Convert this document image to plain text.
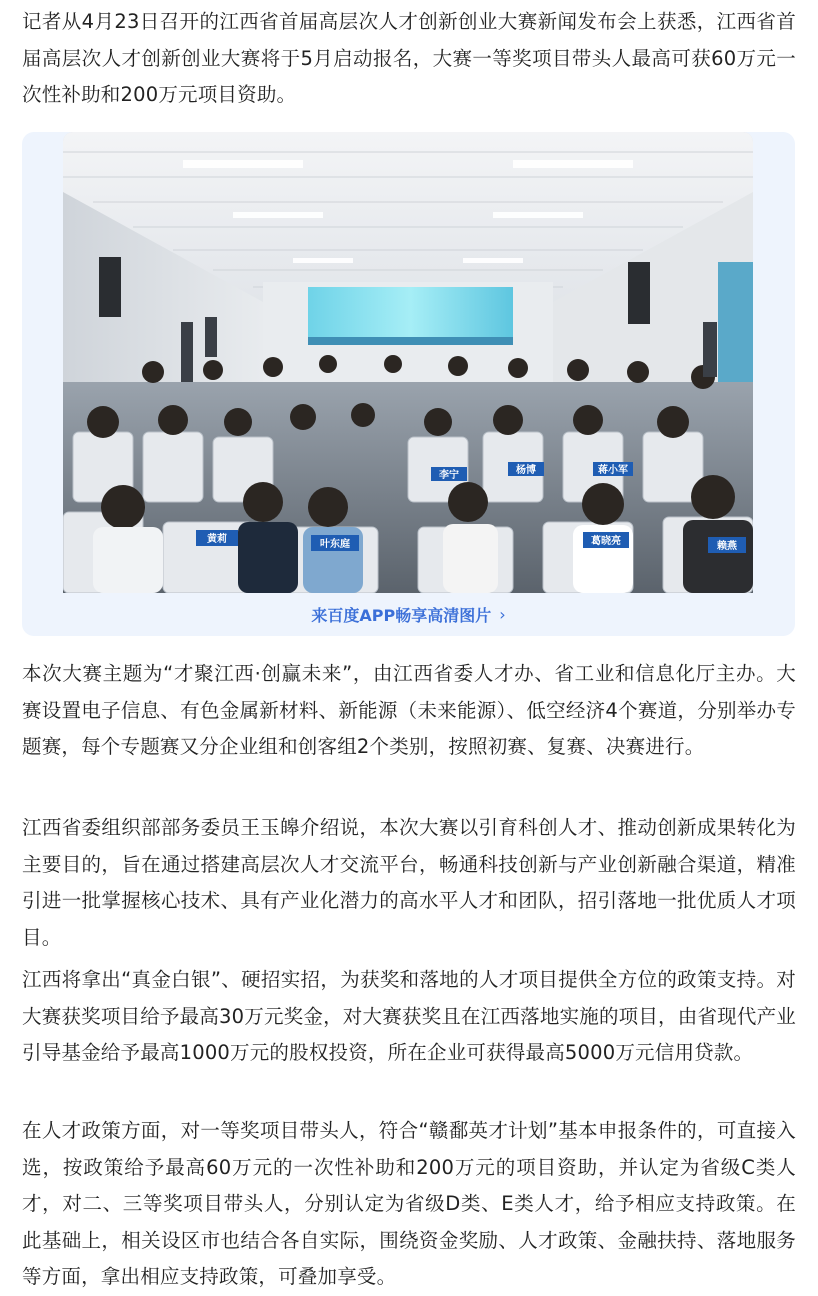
记者从4月23日召开的江西省首届高层次人才创新创业大赛新闻发布会上获悉，江西省首届高层次人才创新创业大赛将于5月启动报名，大赛一等奖项目带头人最高可获60万元一次性补助和200万元项目资助。

黄莉	叶东庭	葛晓亮	赖燕
李宁	杨博	蒋小军
来百度APP畅享高清图片 ›

本次大赛主题为“才聚江西·创赢未来”，由江西省委人才办、省工业和信息化厅主办。大赛设置电子信息、有色金属新材料、新能源（未来能源）、低空经济4个赛道，分别举办专题赛，每个专题赛又分企业组和创客组2个类别，按照初赛、复赛、决赛进行。

江西省委组织部部务委员王玉皞介绍说，本次大赛以引育科创人才、推动创新成果转化为主要目的，旨在通过搭建高层次人才交流平台，畅通科技创新与产业创新融合渠道，精准引进一批掌握核心技术、具有产业化潜力的高水平人才和团队，招引落地一批优质人才项目。

江西将拿出“真金白银”、硬招实招，为获奖和落地的人才项目提供全方位的政策支持。对大赛获奖项目给予最高30万元奖金，对大赛获奖且在江西落地实施的项目，由省现代产业引导基金给予最高1000万元的股权投资，所在企业可获得最高5000万元信用贷款。

在人才政策方面，对一等奖项目带头人，符合“赣鄱英才计划”基本申报条件的，可直接入选，按政策给予最高60万元的一次性补助和200万元的项目资助，并认定为省级C类人才，对二、三等奖项目带头人，分别认定为省级D类、E类人才，给予相应支持政策。在此基础上，相关设区市也结合各自实际，围绕资金奖励、人才政策、金融扶持、落地服务等方面，拿出相应支持政策，可叠加享受。
